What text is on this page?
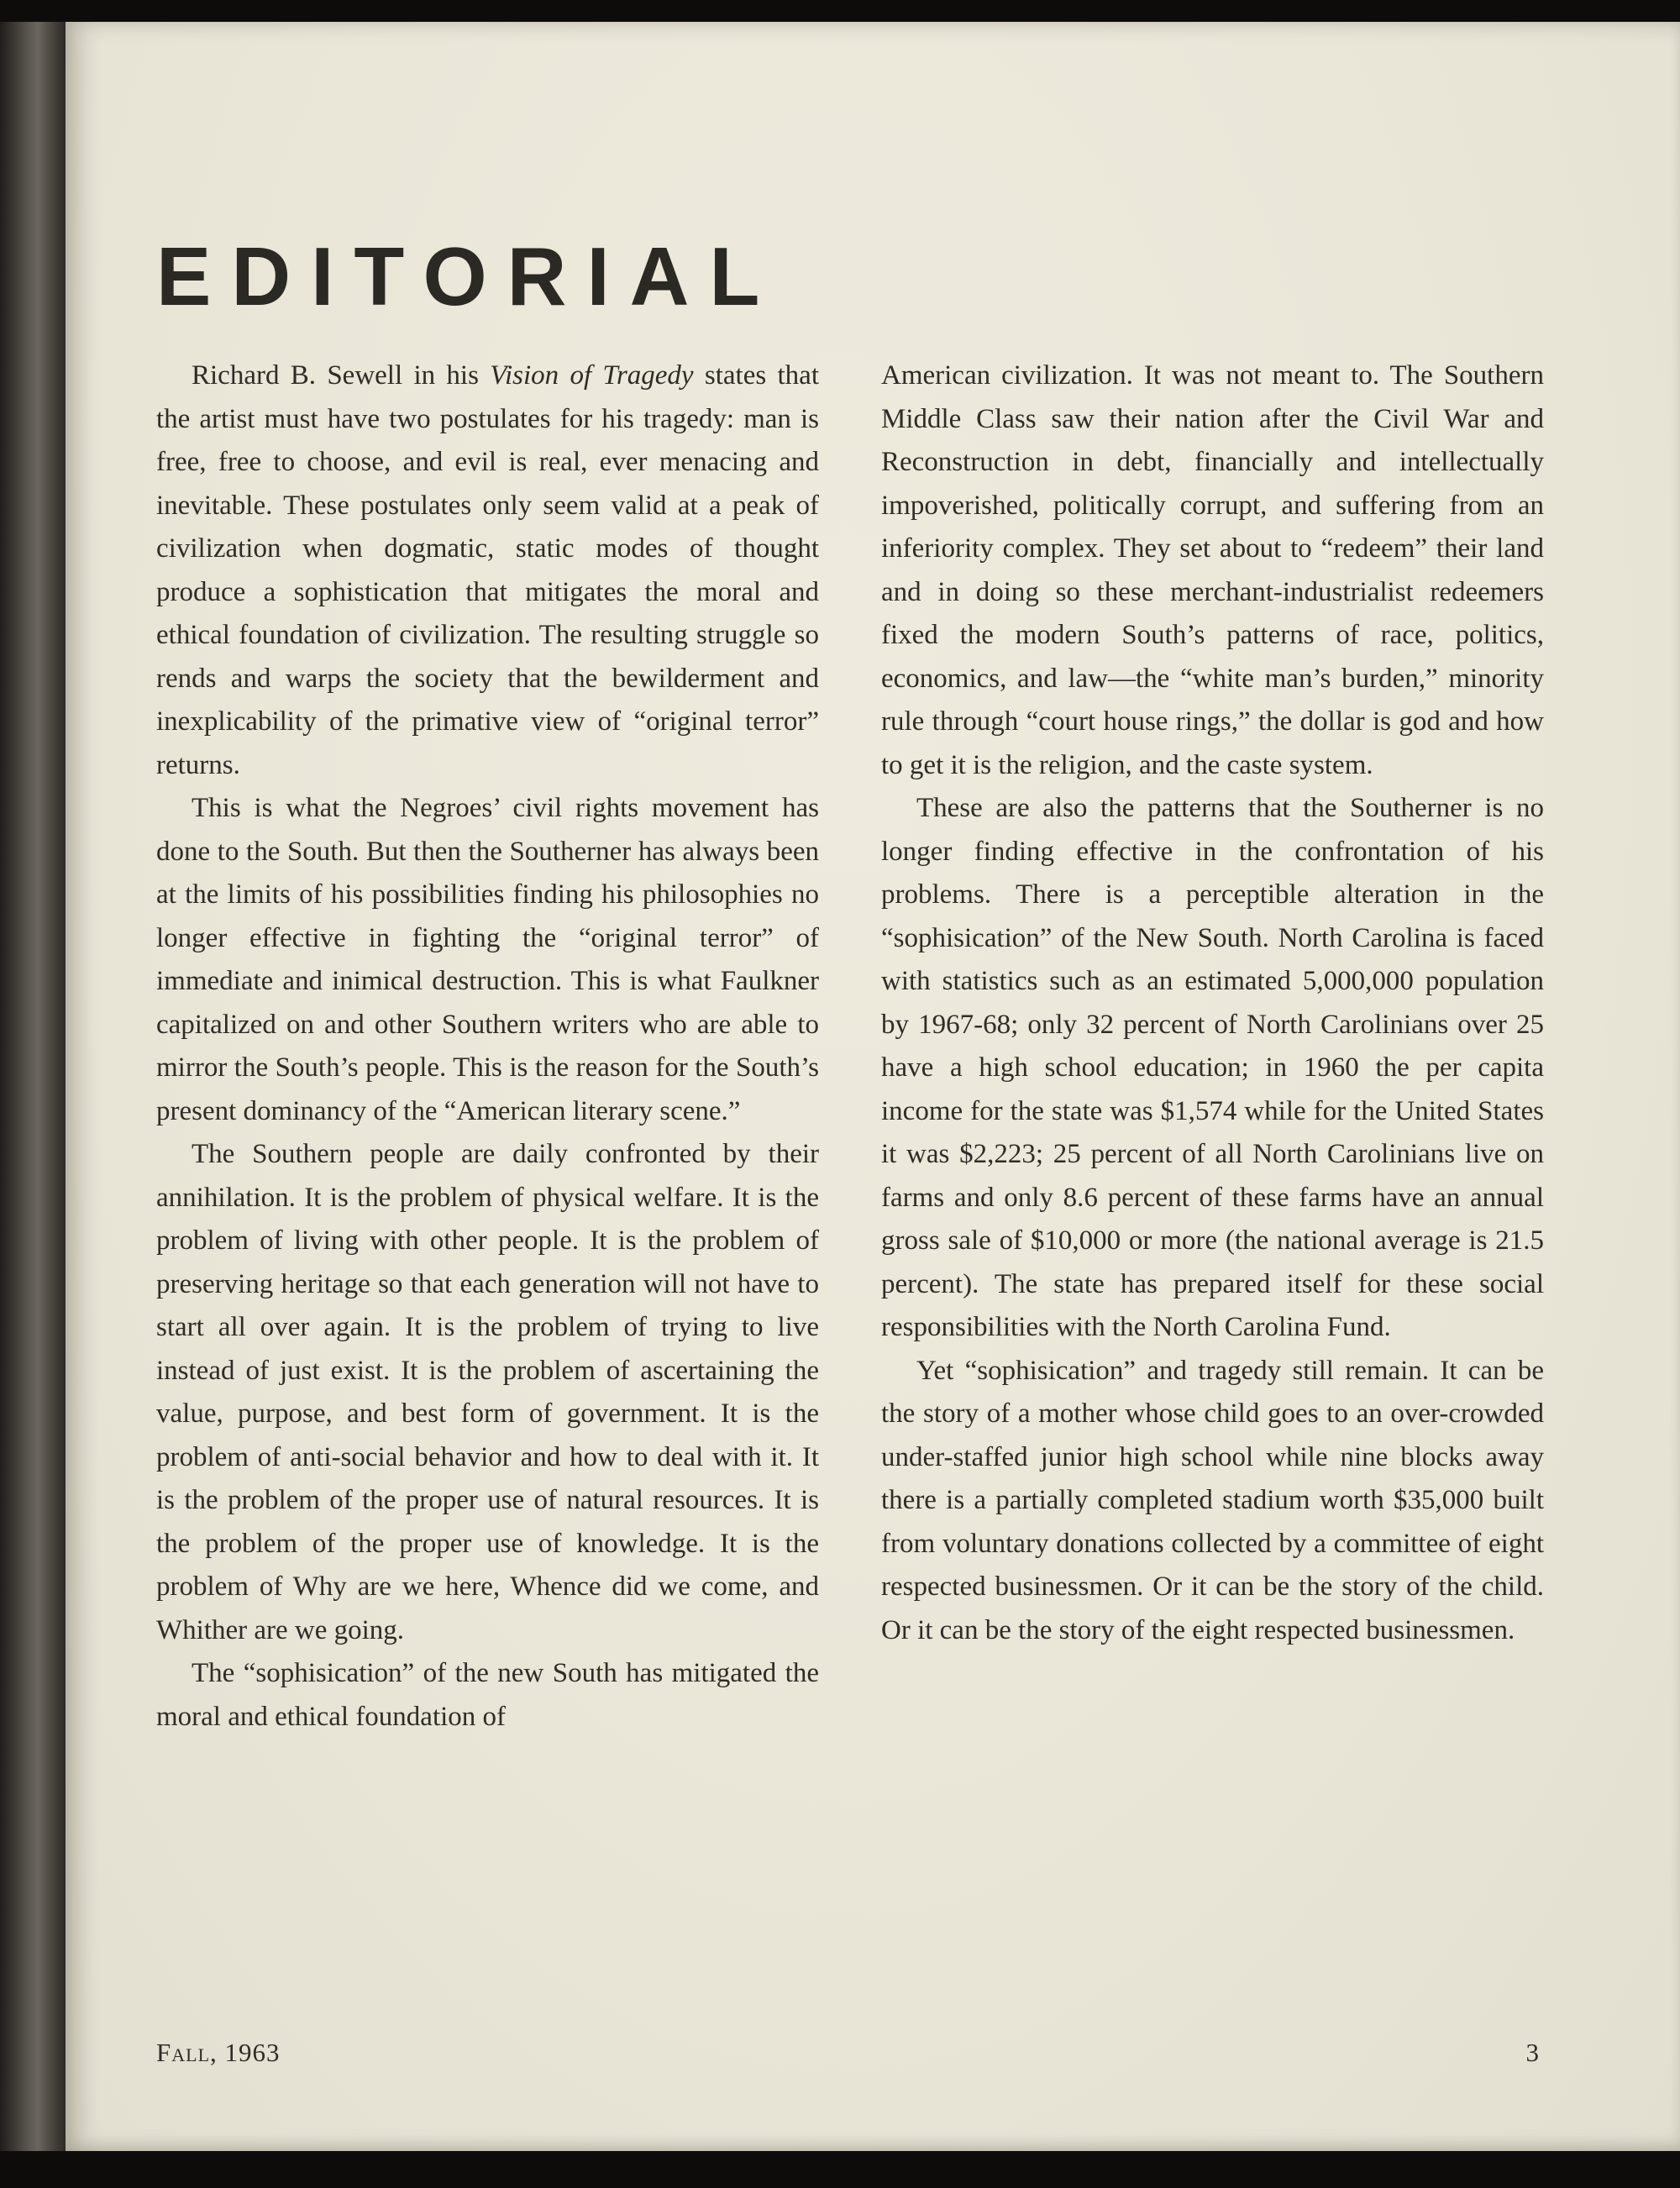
EDITORIAL

Richard B. Sewell in his Vision of Tragedy states that the artist must have two postulates for his tragedy: man is free, free to choose, and evil is real, ever menacing and inevitable. These postulates only seem valid at a peak of civilization when dogmatic, static modes of thought produce a sophistication that mitigates the moral and ethical foundation of civilization. The resulting struggle so rends and warps the society that the bewilderment and inexplicability of the primative view of “original terror” returns.

This is what the Negroes’ civil rights movement has done to the South. But then the Southerner has always been at the limits of his possibilities finding his philosophies no longer effective in fighting the “original terror” of immediate and inimical destruction. This is what Faulkner capitalized on and other Southern writers who are able to mirror the South’s people. This is the reason for the South’s present dominancy of the “American literary scene.”

The Southern people are daily confronted by their annihilation. It is the problem of physical welfare. It is the problem of living with other people. It is the problem of preserving heritage so that each generation will not have to start all over again. It is the problem of trying to live instead of just exist. It is the problem of ascertaining the value, purpose, and best form of government. It is the problem of anti-social behavior and how to deal with it. It is the problem of the proper use of natural resources. It is the problem of the proper use of knowledge. It is the problem of Why are we here, Whence did we come, and Whither are we going.

The “sophisication” of the new South has mitigated the moral and ethical foundation of

American civilization. It was not meant to. The Southern Middle Class saw their nation after the Civil War and Reconstruction in debt, financially and intellectually impoverished, politically corrupt, and suffering from an inferiority complex. They set about to “redeem” their land and in doing so these merchant-industrialist redeemers fixed the modern South’s patterns of race, politics, economics, and law—the “white man’s burden,” minority rule through “court house rings,” the dollar is god and how to get it is the religion, and the caste system.

These are also the patterns that the Southerner is no longer finding effective in the confrontation of his problems. There is a perceptible alteration in the “sophisication” of the New South. North Carolina is faced with statistics such as an estimated 5,000,000 population by 1967-68; only 32 percent of North Carolinians over 25 have a high school education; in 1960 the per capita income for the state was $1,574 while for the United States it was $2,223; 25 percent of all North Carolinians live on farms and only 8.6 percent of these farms have an annual gross sale of $10,000 or more (the national average is 21.5 percent). The state has prepared itself for these social responsibilities with the North Carolina Fund.

Yet “sophisication” and tragedy still remain. It can be the story of a mother whose child goes to an over-crowded under-staffed junior high school while nine blocks away there is a partially completed stadium worth $35,000 built from voluntary donations collected by a committee of eight respected businessmen. Or it can be the story of the child. Or it can be the story of the eight respected businessmen.

Fall, 1963	3
